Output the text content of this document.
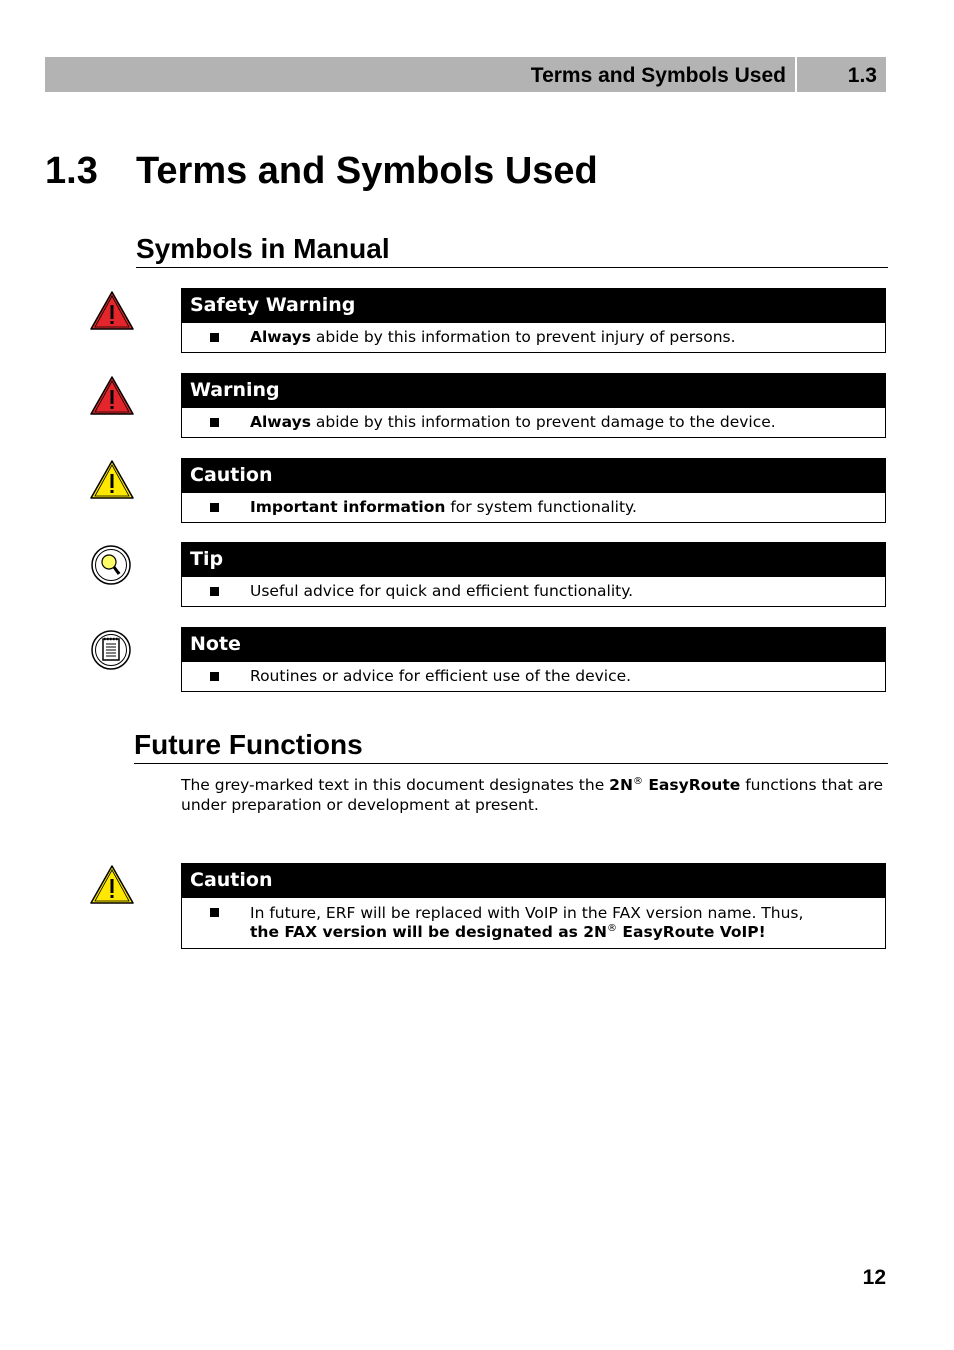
Terms and Symbols Used	1.3
1.3 Terms and Symbols Used
Symbols in Manual
Safety Warning
Always abide by this information to prevent injury of persons.
Warning
Always abide by this information to prevent damage to the device.
Caution
Important information for system functionality.
Tip
Useful advice for quick and efficient functionality.
Note
Routines or advice for efficient use of the device.
Future Functions
The grey-marked text in this document designates the 2N® EasyRoute functions that are under preparation or development at present.
Caution
In future, ERF will be replaced with VoIP in the FAX version name. Thus,
the FAX version will be designated as 2N® EasyRoute VoIP!
12
